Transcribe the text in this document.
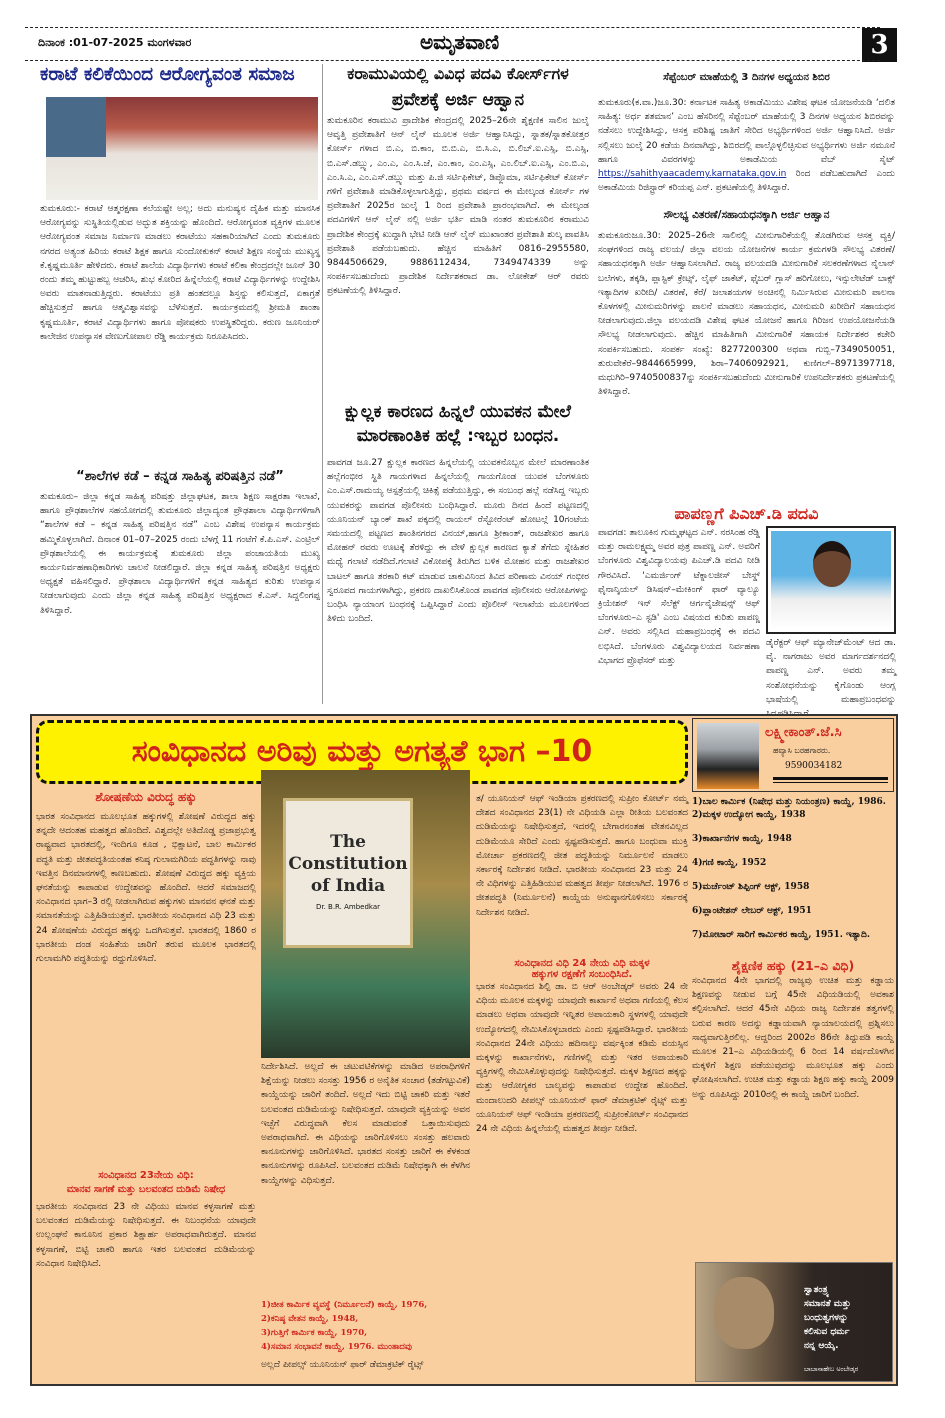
ದಿನಾಂಕ :01-07-2025 ಮಂಗಳವಾರ	ಅಮೃತವಾಣಿ	3
ಕರಾಟೆ ಕಲಿಕೆಯಿಂದ ಆರೋಗ್ಯವಂತ ಸಮಾಜ
ತುಮಕೂರು:- ಕರಾಟೆ ಆತ್ಮರಕ್ಷಣಾ ಕಲೆಯಷ್ಟೇ ಅಲ್ಲ; ಅದು ಮನುಷ್ಯನ ದೈಹಿಕ ಮತ್ತು ಮಾನಸಿಕ ಆರೋಗ್ಯವನ್ನು ಸುಸ್ಥಿತಿಯಲ್ಲಿಡುವ ಅದ್ಭುತ ಶಕ್ತಿಯನ್ನು ಹೊಂದಿದೆ. ಆರೋಗ್ಯವಂತ ವ್ಯಕ್ತಿಗಳ ಮೂಲಕ ಆರೋಗ್ಯವಂತ ಸಮಾಜ ನಿರ್ಮಾಣ ಮಾಡಲು ಕರಾಟೆಯು ಸಹಕಾರಿಯಾಗಿದೆ ಎಂದು ತುಮಕೂರು ನಗರದ ಅತ್ಯಂತ ಹಿರಿಯ ಕರಾಟೆ ಶಿಕ್ಷಕ ಹಾಗೂ ಸುಂದೋಕುಕನ್ ಕರಾಟೆ ಶಿಕ್ಷಣ ಸಂಸ್ಥೆಯ ಮುಖ್ಯಸ್ಥ ಕೆ.ಕೃಷ್ಣಮೂರ್ತಿ ಹೇಳಿದರು. ಕರಾಟೆ ಶಾಲೆಯ ವಿದ್ಯಾರ್ಥಿಗಳು ಕರಾಟೆ ಕಲಿಕಾ ಕೇಂದ್ರದಲ್ಲೇ ಜೂನ್ 30 ರಂದು ತಮ್ಮ ಹುಟ್ಟುಹಬ್ಬ ಆಚರಿಸಿ, ಶುಭ ಕೋರಿದ ಹಿನ್ನೆಲೆಯಲ್ಲಿ ಕರಾಟೆ ವಿದ್ಯಾರ್ಥಿಗಳನ್ನು ಉದ್ದೇಶಿಸಿ ಅವರು ಮಾತನಾಡುತ್ತಿದ್ದರು. ಕರಾಟೆಯು ಪ್ರತಿ ಹಂತದಲ್ಲೂ ಶಿಸ್ತನ್ನು ಕಲಿಸುತ್ತದೆ, ಏಕಾಗ್ರತೆ ಹೆಚ್ಚಿಸುತ್ತದೆ ಹಾಗೂ ಆತ್ಮವಿಶ್ವಾಸವನ್ನು ಬೆಳೆಸುತ್ತದೆ. ಕಾರ್ಯಕ್ರಮದಲ್ಲಿ ಶ್ರೀಮತಿ ಶಾಂತಾ ಕೃಷ್ಣಮೂರ್ತಿ, ಕರಾಟೆ ವಿದ್ಯಾರ್ಥಿಗಳು ಹಾಗೂ ಪೋಷಕರು ಉಪಸ್ಥಿತರಿದ್ದರು. ಕರುಣ ಜೂನಿಯರ್ ಕಾಲೇಜಿನ ಉಪನ್ಯಾಸಕ ವೇಣುಗೋಪಾಲ ರೆಡ್ಡಿ ಕಾರ್ಯಕ್ರಮ ನಿರೂಪಿಸಿದರು.
“ಶಾಲೆಗಳ ಕಡೆ – ಕನ್ನಡ ಸಾಹಿತ್ಯ ಪರಿಷತ್ತಿನ ನಡೆ”
ತುಮಕೂರು– ಜಿಲ್ಲಾ ಕನ್ನಡ ಸಾಹಿತ್ಯ ಪರಿಷತ್ತು ಜಿಲ್ಲಾಘಟಕ, ಶಾಲಾ ಶಿಕ್ಷಣ ಸಾಕ್ಷರತಾ ಇಲಾಖೆ, ಹಾಗೂ ಪ್ರೌಢಶಾಲೆಗಳ ಸಹಯೋಗದಲ್ಲಿ ತುಮಕೂರು ಜಿಲ್ಲಾದ್ಯಂತ ಪ್ರೌಢಶಾಲಾ ವಿದ್ಯಾರ್ಥಿಗಳಿಗಾಗಿ “ಶಾಲೆಗಳ ಕಡೆ – ಕನ್ನಡ ಸಾಹಿತ್ಯ ಪರಿಷತ್ತಿನ ನಡೆ” ಎಂಬ ವಿಶೇಷ ಉಪನ್ಯಾಸ ಕಾರ್ಯಕ್ರಮ ಹಮ್ಮಿಕೊಳ್ಳಲಾಗಿದೆ. ದಿನಾಂಕ 01–07–2025 ರಂದು ಬೆಳಗ್ಗೆ 11 ಗಂಟೆಗೆ ಕೆ.ಪಿ.ಎಸ್. ಎಂಟ್ರಿಲ್ ಪ್ರೌಢಶಾಲೆಯಲ್ಲಿ ಈ ಕಾರ್ಯಕ್ರಮಕ್ಕೆ ತುಮಕೂರು ಜಿಲ್ಲಾ ಪಂಚಾಯತಿಯ ಮುಖ್ಯ ಕಾರ್ಯನಿರ್ವಹಣಾಧಿಕಾರಿಗಳು ಚಾಲನೆ ನೀಡಲಿದ್ದಾರೆ. ಜಿಲ್ಲಾ ಕನ್ನಡ ಸಾಹಿತ್ಯ ಪರಿಷತ್ತಿನ ಅಧ್ಯಕ್ಷರು ಅಧ್ಯಕ್ಷತೆ ವಹಿಸಲಿದ್ದಾರೆ. ಪ್ರೌಢಶಾಲಾ ವಿದ್ಯಾರ್ಥಿಗಳಿಗೆ ಕನ್ನಡ ಸಾಹಿತ್ಯದ ಕುರಿತು ಉಪನ್ಯಾಸ ನೀಡಲಾಗುವುದು ಎಂದು ಜಿಲ್ಲಾ ಕನ್ನಡ ಸಾಹಿತ್ಯ ಪರಿಷತ್ತಿನ ಅಧ್ಯಕ್ಷರಾದ ಕೆ.ಎಸ್. ಸಿದ್ದಲಿಂಗಪ್ಪ ತಿಳಿಸಿದ್ದಾರೆ.
ಕರಾಮುವಿಯಲ್ಲಿ ವಿವಿಧ ಪದವಿ ಕೋರ್ಸ್‌ಗಳ
ಪ್ರವೇಶಕ್ಕೆ ಅರ್ಜಿ ಆಹ್ವಾನ
ತುಮಕೂರಿನ ಕರಾಮುವಿ ಪ್ರಾದೇಶಿಕ ಕೇಂದ್ರದಲ್ಲಿ 2025–26ನೇ ಶೈಕ್ಷಣಿಕ ಸಾಲಿನ ಜುಲೈ ಆವೃತ್ತಿ ಪ್ರವೇಶಾತಿಗೆ ಆನ್ ಲೈನ್ ಮೂಲಕ ಅರ್ಜಿ ಆಹ್ವಾನಿಸಿದ್ದು, ಸ್ನಾತಕ/ಸ್ನಾತಕೋತ್ತರ ಕೋರ್ಸ್ ಗಳಾದ ಬಿ.ಎ, ಬಿ.ಕಾಂ, ಬಿ.ಬಿ.ಎ, ಬಿ.ಸಿ.ಎ, ಬಿ.ಲಿಬ್.ಐ.ಎಸ್ಸಿ, ಬಿ.ಎಸ್ಸಿ, ಬಿ.ಎಸ್.ಡಬ್ಲ್ಯು, ಎಂ.ಎ, ಎಂ.ಸಿ.ಜೆ, ಎಂ.ಕಾಂ, ಎಂ.ಎಸ್ಸಿ, ಎಂ.ಲಿಬ್.ಐ.ಎಸ್ಸಿ, ಎಂ.ಬಿ.ಎ, ಎಂ.ಸಿ.ಎ, ಎಂ.ಎಸ್.ಡಬ್ಲ್ಯು ಮತ್ತು ಪಿ.ಜಿ ಸರ್ಟಿಫಿಕೇಟ್, ಡಿಪ್ಲೊಮಾ, ಸರ್ಟಿಫಿಕೇಟ್ ಕೋರ್ಸ್ ಗಳಿಗೆ ಪ್ರವೇಶಾತಿ ಮಾಡಿಕೊಳ್ಳಲಾಗುತ್ತಿದ್ದು, ಪ್ರಥಮ ವರ್ಷದ ಈ ಮೇಲ್ಕಂಡ ಕೋರ್ಸ್ ಗಳ ಪ್ರವೇಶಾತಿಗೆ 2025ರ ಜುಲೈ 1 ರಿಂದ ಪ್ರವೇಶಾತಿ ಪ್ರಾರಂಭವಾಗಿದೆ. ಈ ಮೇಲ್ಕಂಡ ಪದವಿಗಳಿಗೆ ಆನ್ ಲೈನ್ ನಲ್ಲಿ ಅರ್ಜಿ ಭರ್ತಿ ಮಾಡಿ ನಂತರ ತುಮಕೂರಿನ ಕರಾಮುವಿ ಪ್ರಾದೇಶಿಕ ಕೇಂದ್ರಕ್ಕೆ ಖುದ್ದಾಗಿ ಭೇಟಿ ನೀಡಿ ಆನ್ ಲೈನ್ ಮುಖಾಂತರ ಪ್ರವೇಶಾತಿ ಶುಲ್ಕ ಪಾವತಿಸಿ ಪ್ರವೇಶಾತಿ ಪಡೆಯಬಹುದು. ಹೆಚ್ಚಿನ ಮಾಹಿತಿಗೆ 0816–2955580, 9844506629, 9886112434, 7349474339 ಅನ್ನು ಸಂಪರ್ಕಿಸಬಹುದೆಂದು ಪ್ರಾದೇಶಿಕ ನಿರ್ದೇಶಕರಾದ ಡಾ. ಲೋಕೇಶ್ ಆರ್ ರವರು ಪ್ರಕಟಣೆಯಲ್ಲಿ ತಿಳಿಸಿದ್ದಾರೆ.
ಕ್ಷುಲ್ಲಕ ಕಾರಣದ ಹಿನ್ನಲೆ ಯುವಕನ ಮೇಲೆ
ಮಾರಣಾಂತಿಕ ಹಲ್ಲೆ :ಇಬ್ಬರ ಬಂಧನ.
ಪಾವಗಡ ಜೂ.27 ಕ್ಷುಲ್ಲಕ ಕಾರಣದ ಹಿನ್ನಲೆಯಲ್ಲಿ ಯುವಕನೊಬ್ಬನ ಮೇಲೆ ಮಾರಣಾಂತಿಕ ಹಲ್ಲೆಗಂಭೀರ ಸ್ಥಿತಿ ಗಾಯಗಳಾದ ಹಿನ್ನಲೆಯಲ್ಲಿ ಗಾಯಗೊಂಡ ಯುವಕ ಬೆಂಗಳೂರು ಎಂ.ಎಸ್.ರಾಮಯ್ಯ ಆಸ್ಪತ್ರೆಯಲ್ಲಿ ಚಿಕಿತ್ಸೆ ಪಡೆಯುತ್ತಿದ್ದು, ಈ ಸಂಬಂಧ ಹಲ್ಲೆ ನಡೆಸಿದ್ದ ಇಬ್ಬರು ಯುವಕರನ್ನು ಪಾವಗಡ ಪೊಲೀಸರು ಬಂಧಿಸಿದ್ದಾರೆ. ಮೂರು ದಿನದ ಹಿಂದೆ ಪಟ್ಟಣದಲ್ಲಿ ಯೂನಿಯನ್ ಬ್ಯಾಂಕ್ ಶಾಖೆ ಪಕ್ಕದಲ್ಲಿ ರಾಯಲ್ ರೆಸ್ಟೋರೆಂಟ್ ಹೋಟಲ್ಗೆ 10ಗಂಟೆಯ ಸಮಯದಲ್ಲಿ ಪಟ್ಟಣದ ಶಾಂತಿನಗರದ ವಿನಯ್,ಹಾಗೂ ಶ್ರೀಕಾಂತ್, ರಾಜಶೇಖರ ಹಾಗೂ ಮೋಹನ್ ರವರು ಊಟಕ್ಕೆ ತೆರಳಿದ್ದು ಈ ವೇಳೆ ಕ್ಷುಲ್ಲಕ ಕಾರಣದ ಕ್ಯಾತೆ ತೆಗೆದು ಸ್ನೇಹಿತರ ಮಧ್ಯೆ ಗಲಾಟೆ ನಡೆದಿದೆ.ಗಲಾಟೆ ವಿಕೋಪಕ್ಕೆ ತಿರುಗಿದ ಬಳಿಕ ಮೋಹನ ಮತ್ತು ರಾಜಶೇಖರ ಬಾಟಲ್ ಹಾಗೂ ತರಕಾರಿ ಕಟ್ ಮಾಡುವ ಚಾಕುವಿನಿಂದ ತಿವಿದ ಪರಿಣಾಮ ವಿನಯ್ ಗಂಭೀರ ಸ್ವರೂಪದ ಗಾಯಗಳಾಗಿದ್ದು, ಪ್ರಕರಣ ದಾಖಲಿಸಿಕೊಂಡ ಪಾವಗಡ ಪೊಲೀಸರು ಆರೋಪಿಗಳನ್ನು ಬಂಧಿಸಿ ನ್ಯಾಯಾಂಗ ಬಂಧನಕ್ಕೆ ಒಪ್ಪಿಸಿದ್ದಾರೆ ಎಂದು ಪೊಲೀಸ್ ಇಲಾಖೆಯ ಮೂಲಗಳಿಂದ ತಿಳಿದು ಬಂದಿದೆ.
ಸೆಪ್ಟೆಂಬರ್ ಮಾಹೆಯಲ್ಲಿ 3 ದಿನಗಳ ಅಧ್ಯಯನ ಶಿಬಿರ
ತುಮಕೂರು(ಕ.ವಾ.)ಜೂ.30: ಕರ್ನಾಟಕ ಸಾಹಿತ್ಯ ಅಕಾಡೆಮಿಯು ವಿಶೇಷ ಘಟಕ ಯೋಜನೆಯಡಿ ‘ದಲಿತ ಸಾಹಿತ್ಯ: ಅರ್ಧ ಶತಮಾನ’ ಎಂಬ ಹೆಸರಿನಲ್ಲಿ ಸೆಪ್ಟೆಂಬರ್ ಮಾಹೆಯಲ್ಲಿ 3 ದಿನಗಳ ಅಧ್ಯಯನ ಶಿಬಿರವನ್ನು ನಡೆಸಲು ಉದ್ದೇಶಿಸಿದ್ದು, ಆಸಕ್ತ ಪರಿಶಿಷ್ಟ ಜಾತಿಗೆ ಸೇರಿದ ಅಭ್ಯರ್ಥಿಗಳಿಂದ ಅರ್ಜಿ ಆಹ್ವಾನಿಸಿದೆ. ಅರ್ಜಿ ಸಲ್ಲಿಸಲು ಜುಲೈ 20 ಕಡೆಯ ದಿನವಾಗಿದ್ದು, ಶಿಬಿರದಲ್ಲಿ ಪಾಲ್ಗೊಳ್ಳಲಿಚ್ಛಿಸುವ ಅಭ್ಯರ್ಥಿಗಳು ಅರ್ಜಿ ನಮೂನೆ ಹಾಗೂ ವಿವರಗಳನ್ನು ಅಕಾಡೆಮಿಯ ವೆಬ್ ಸೈಟ್ https://sahithyaacademy.karnataka.gov.in ರಿಂದ ಪಡೆಬಹುದಾಗಿದೆ ಎಂದು ಅಕಾಡೆಮಿಯ ರಿಜಿಸ್ಟ್ರಾರ್ ಕರಿಯಪ್ಪ ಎನ್. ಪ್ರಕಟಣೆಯಲ್ಲಿ ತಿಳಿಸಿದ್ದಾರೆ.
ಸೌಲಭ್ಯ ವಿತರಣೆ/ಸಹಾಯಧನಕ್ಕಾಗಿ ಅರ್ಜಿ ಆಹ್ವಾನ
ತುಮಕೂರುಜೂ.30: 2025–26ನೇ ಸಾಲಿನಲ್ಲಿ ಮೀನುಗಾರಿಕೆಯಲ್ಲಿ ತೊಡಗಿರುವ ಆಸಕ್ತ ವ್ಯಕ್ತಿ/ಸಂಘಗಳಿಂದ ರಾಜ್ಯ ವಲಯ/ ಜಿಲ್ಲಾ ವಲಯ ಯೋಜನೆಗಳ ಕಾರ್ಯ ಕ್ರಮಗಳಡಿ ಸೌಲಭ್ಯ ವಿತರಣೆ/ಸಹಾಯಧನಕ್ಕಾಗಿ ಅರ್ಜಿ ಆಹ್ವಾನಿಸಲಾಗಿದೆ. ರಾಜ್ಯ ವಲಯದಡಿ ಮೀನುಗಾರಿಕೆ ಸಲಕರಣೆಗಳಾದ ನೈಲಾನ್ ಬಲೆಗಳು, ತಕ್ಕಡಿ, ಪ್ಲಾಸ್ಟಿಕ್ ಕ್ರೇಟ್ಸ್, ಲೈಫ್ ಜಾಕೆಟ್, ಫೈಬರ್ ಗ್ಲಾಸ್ ಹರಿಗೋಲು, ಇನ್ಸುಲೇಟೆಡ್ ಬಾಕ್ಸ್ ಇತ್ಯಾದಿಗಳ ಖರೀದಿ/ ವಿತರಣೆ, ಕೆರೆ/ ಜಲಾಶಯಗಳ ಅಂಚಿನಲ್ಲಿ ನಿರ್ಮಿಸಿರುವ ಮೀನುಮರಿ ಪಾಲನಾ ಕೊಳಗಳಲ್ಲಿ ಮೀನುಮರಿಗಳನ್ನು ಪಾಲನೆ ಮಾಡಲು ಸಹಾಯಧನ, ಮೀನುಮರಿ ಖರೀದಿಗೆ ಸಹಾಯಧನ ನೀಡಲಾಗುವುದು.ಜಿಲ್ಲಾ ವಲಯದಡಿ ವಿಶೇಷ ಘಟಕ ಯೋಜನೆ ಹಾಗೂ ಗಿರಿಜನ ಉಪಯೋಜನೆಯಡಿ ಸೌಲಭ್ಯ ನೀಡಲಾಗುವುದು. ಹೆಚ್ಚಿನ ಮಾಹಿತಿಗಾಗಿ ಮೀನುಗಾರಿಕೆ ಸಹಾಯಕ ನಿರ್ದೇಶಕರ ಕಚೇರಿ ಸಂಪರ್ಕಿಸಬಹುದು. ಸಂಪರ್ಕ ಸಂಖ್ಯೆ: 8277200300 ಅಥವಾ ಗುಬ್ಬಿ–7349050051, ತುರುವೇಕೆರೆ–9844665999, ಶಿರಾ–7406092921, ಕುಣಿಗಲ್–8971397718, ಮಧುಗಿರಿ–9740500837ನ್ನು ಸಂಪರ್ಕಿಸಬಹುದೆಂದು ಮೀನುಗಾರಿಕೆ ಉಪನಿರ್ದೇಶಕರು ಪ್ರಕಟಣೆಯಲ್ಲಿ ತಿಳಿಸಿದ್ದಾರೆ.
ಪಾಪಣ್ಣಗೆ ಪಿಎಚ್.ಡಿ ಪದವಿ
ಪಾವಗಡ: ತಾಲೂಕಿನ ಗುಮ್ಮಘಟ್ಟದ ಎನ್. ನರಸಿಂಹ ರೆಡ್ಡಿ ಮತ್ತು ರಾಮಲಕ್ಷ್ಮಮ್ಮ ಅವರ ಪುತ್ರ ಪಾಪಣ್ಣ ಎನ್. ಅವರಿಗೆ ಬೆಂಗಳೂರು ವಿಶ್ವವಿದ್ಯಾಲಯವು ಪಿಎಚ್.ಡಿ ಪದವಿ ನೀಡಿ ಗೌರವಿಸಿದೆ. 'ಎಮರ್ಜಿಂಗ್ ಟೆಕ್ನಾಲಜೀಸ್ ಬೇಸ್ಡ್ ಫೈನಾನ್ಶಿಯಲ್ ಡಿಸಿಷನ್–ಮೇಕಿಂಗ್ ಫಾರ್ ವ್ಯಾಲ್ಯೂ ಕ್ರಿಯೇಶನ್ ಇನ್ ಸೆಲೆಕ್ಟ್ ಆರ್ಗನೈಜೇಷನ್ಸ್ ಆಫ್ ಬೆಂಗಳೂರು–ಎ ಸ್ಟಡಿ' ಎಂಬ ವಿಷಯದ ಕುರಿತು ಪಾಪಣ್ಣ ಎನ್. ಅವರು ಸಲ್ಲಿಸಿದ ಮಹಾಪ್ರಬಂಧಕ್ಕೆ ಈ ಪದವಿ ಲಭಿಸಿದೆ. ಬೆಂಗಳೂರು ವಿಶ್ವವಿದ್ಯಾಲಯದ ನಿರ್ವಹಣಾ ವಿಭಾಗದ ಪ್ರೊಫೆಸರ್ ಮತ್ತು
ಡೈರೆಕ್ಟರ್ ಆಫ್ ಮ್ಯಾನೇಜ್‌ಮೆಂಟ್ ಆದ ಡಾ. ವೈ. ನಾಗರಾಜು ಅವರ ಮಾರ್ಗದರ್ಶನದಲ್ಲಿ ಪಾಪಣ್ಣ ಎನ್. ಅವರು ತಮ್ಮ ಸಂಶೋಧನೆಯನ್ನು ಕೈಗೊಂಡು ಆಂಗ್ಲ ಭಾಷೆಯಲ್ಲಿ ಮಹಾಪ್ರಬಂಧವನ್ನು
ಸಂವಿಧಾನದ ಅರಿವು ಮತ್ತು ಅಗತ್ಯತೆ ಭಾಗ –10
ಲಕ್ಷ್ಮೀಕಾಂತ್.ಜೆ.ಸಿ
ಹವ್ಯಾಸಿ ಬರಹಗಾರರು.
9590034182
ಶೋಷಣೆಯ ವಿರುದ್ಧ ಹಕ್ಕು
ಭಾರತ ಸಂವಿಧಾನದ ಮೂಲಭೂತ ಹಕ್ಕುಗಳಲ್ಲಿ ಶೋಷಣೆ ವಿರುದ್ಧದ ಹಕ್ಕು ತನ್ನದೇ ಆದಂತಹ ಮಹತ್ವದ ಹೊಂದಿದೆ. ವಿಶ್ವದಲ್ಲೇ ಅತಿದೊಡ್ಡ ಪ್ರಜಾಪ್ರಭುತ್ವ ರಾಷ್ಟ್ರವಾದ ಭಾರತದಲ್ಲಿ, ಇಂದಿಗೂ ಕೂಡ , ಭಿಕ್ಷಾಟನೆ, ಬಾಲ ಕಾರ್ಮಿಕರ ಪದ್ಧತಿ ಮತ್ತು ಜೀತಪದ್ಧತಿಯಂತಹ ಕನಿಷ್ಠ ಗುಲಾಮಗಿರಿಯ ಪದ್ಧತಿಗಳನ್ನು ನಾವು ಇವತ್ತಿನ ದಿನಮಾನಗಳಲ್ಲಿ ಕಾಣಬಹುದು. ಶೋಷಣೆ ವಿರುದ್ಧದ ಹಕ್ಕು ವ್ಯಕ್ತಿಯ ಘನತೆಯನ್ನು ಕಾಪಾಡುವ ಉದ್ದೇಶವನ್ನು ಹೊಂದಿದೆ. ಆದರೆ ಸಮಾಜದಲ್ಲಿ ಸಂವಿಧಾನದ ಭಾಗ–3 ರಲ್ಲಿ ನೀಡಲಾಗಿರುವ ಹಕ್ಕುಗಳು ಮಾನವನ ಘನತೆ ಮತ್ತು ಸಮಾನತೆಯನ್ನು ಎತ್ತಿಹಿಡಿಯುತ್ತವೆ. ಭಾರತೀಯ ಸಂವಿಧಾನದ ವಿಧಿ 23 ಮತ್ತು 24 ಶೋಷಣೆಯ ವಿರುದ್ಧದ ಹಕ್ಕನ್ನು ಒದಗಿಸುತ್ತವೆ. ಭಾರತದಲ್ಲಿ 1860 ರ ಭಾರತೀಯ ದಂಡ ಸಂಹಿತೆಯ ಜಾರಿಗೆ ತರುವ ಮೂಲಕ ಭಾರತದಲ್ಲಿ ಗುಲಾಮಗಿರಿ ಪದ್ಧತಿಯನ್ನು ರದ್ದುಗೊಳಿಸಿದೆ.
ಸಂವಿಧಾನದ 23ನೇಯ ವಿಧಿ:
ಮಾನವ ಸಾಗಣೆ ಮತ್ತು ಬಲವಂತದ ದುಡಿಮೆ ನಿಷೇಧ
ಭಾರತೀಯ ಸಂವಿಧಾನದ 23 ನೇ ವಿಧಿಯು ಮಾನವ ಕಳ್ಳಸಾಗಣೆ ಮತ್ತು ಬಲವಂತದ ದುಡಿಮೆಯನ್ನು ನಿಷೇಧಿಸುತ್ತದೆ. ಈ ನಿಬಂಧನೆಯ ಯಾವುದೇ ಉಲ್ಲಂಘನೆ ಕಾನೂನಿನ ಪ್ರಕಾರ ಶಿಕ್ಷಾರ್ಹ ಅಪರಾಧವಾಗಿರುತ್ತದೆ. ಮಾನವ ಕಳ್ಳಸಾಗಣೆ, ಬಿಟ್ಟಿ ಚಾಕರಿ ಹಾಗೂ ಇತರ ಬಲವಂತದ ದುಡಿಮೆಯನ್ನು ಸಂವಿಧಾನ ನಿಷೇಧಿಸಿದೆ.
The Constitution of India
Dr. B.R. Ambedkar
ನಿರ್ದೇಶಿಸಿದೆ. ಅಲ್ಲದೆ ಈ ಚಟುವಟಿಕೆಗಳನ್ನು ಮಾಡಿದ ಅಪರಾಧಿಗಳಿಗೆ ಶಿಕ್ಷೆಯನ್ನು ನೀಡಲು ಸಂಸತ್ತು 1956 ರ ಅನೈತಿಕ ಸಂಚಾರ (ತಡೆಗಟ್ಟುವಿಕೆ) ಕಾಯ್ದೆಯನ್ನು ಜಾರಿಗೆ ತಂದಿದೆ. ಅಲ್ಲದೆ ಇದು ಬಿಟ್ಟಿ ಚಾಕರಿ ಮತ್ತು ಇತರೆ ಬಲವಂತದ ದುಡಿಮೆಯನ್ನು ನಿಷೇಧಿಸುತ್ತದೆ. ಯಾವುದೇ ವ್ಯಕ್ತಿಯನ್ನು ಅವನ ಇಚ್ಛೆಗೆ ವಿರುದ್ಧವಾಗಿ ಕೆಲಸ ಮಾಡುವಂತೆ ಒತ್ತಾಯಿಸುವುದು ಅಪರಾಧವಾಗಿದೆ. ಈ ವಿಧಿಯನ್ನು ಜಾರಿಗೊಳಿಸಲು ಸಂಸತ್ತು ಹಲವಾರು ಕಾನೂನುಗಳನ್ನು ಜಾರಿಗೊಳಿಸಿದೆ. ಭಾರತದ ಸಂಸತ್ತು ಜಾರಿಗೆ ಈ ಕೆಳಕಂಡ ಕಾನೂನುಗಳನ್ನು ರೂಪಿಸಿದೆ. ಬಲವಂತದ ದುಡಿಮೆ ನಿಷೇಧಕ್ಕಾಗಿ ಈ ಕೆಳಗಿನ ಕಾಯ್ದೆಗಳನ್ನು ವಿಧಿಸುತ್ತದೆ.
1)ಜೀತ ಕಾರ್ಮಿಕ ವ್ಯವಸ್ಥೆ (ನಿರ್ಮೂಲನೆ) ಕಾಯ್ದೆ, 1976,
2)ಕನಿಷ್ಠ ವೇತನ ಕಾಯ್ದೆ, 1948,
3)ಗುತ್ತಿಗೆ ಕಾರ್ಮಿಕ ಕಾಯ್ದೆ, 1970,
4)ಸಮಾನ ಸಂಭಾವನೆ ಕಾಯ್ದೆ, 1976. ಮುಂತಾದವು
ಅಲ್ಲದೆ ಪೀಪಲ್ಸ್ ಯೂನಿಯನ್ ಫಾರ್ ಡೆಮಾಕ್ರಟಿಕ್ ರೈಟ್ಸ್
ತ/ ಯೂನಿಯನ್ ಆಫ್ ಇಂಡಿಯಾ ಪ್ರಕರಣದಲ್ಲಿ ಸುಪ್ರೀಂ ಕೋರ್ಟ್ ನಮ್ಮ ದೇಶದ ಸಂವಿಧಾನದ 23(1) ನೇ ವಿಧಿಯಡಿ ಎಲ್ಲಾ ರೀತಿಯ ಬಲವಂತದ ದುಡಿಮೆಯನ್ನು ನಿಷೇಧಿಸುತ್ತದೆ, ಇದರಲ್ಲಿ ಬೇಗಾರನಂತಹ ವೇತನವಿಲ್ಲದ ದುಡಿಮೆಯೂ ಸೇರಿದೆ ಎಂದು ಸ್ಪಷ್ಟಪಡಿಸುತ್ತದೆ. ಹಾಗೂ ಬಂಧುವಾ ಮುಕ್ತಿ ಮೋರ್ಚಾ ಪ್ರಕರಣದಲ್ಲಿ ಜೀತ ಪದ್ಧತಿಯನ್ನು ನಿರ್ಮೂಲನೆ ಮಾಡಲು ಸರ್ಕಾರಕ್ಕೆ ನಿರ್ದೇಶನ ನೀಡಿದೆ. ಭಾರತೀಯ ಸಂವಿಧಾನದ 23 ಮತ್ತು 24 ನೇ ವಿಧಿಗಳನ್ನು ಎತ್ತಿಹಿಡಿಯುವ ಮಹತ್ವದ ತೀರ್ಪು ನೀಡಲಾಗಿದೆ. 1976 ರ ಜೀತಪದ್ಧತಿ (ನಿರ್ಮೂಲನೆ) ಕಾಯ್ದೆಯ ಅನುಷ್ಠಾನಗೊಳಿಸಲು ಸರ್ಕಾರಕ್ಕೆ ನಿರ್ದೇಶನ ನೀಡಿದೆ.
ಸಂವಿಧಾನದ ವಿಧಿ 24 ನೇಯ ವಿಧಿ ಮಕ್ಕಳ
ಹಕ್ಕುಗಳ ರಕ್ಷಣೆಗೆ ಸಂಬಂಧಿಸಿದೆ.
ಭಾರತ ಸಂವಿಧಾನದ ಶಿಲ್ಪಿ ಡಾ. ಬಿ ಆರ್ ಅಂಬೇಡ್ಕರ್ ಅವರು 24 ನೇ ವಿಧಿಯ ಮೂಲಕ ಮಕ್ಕಳನ್ನು ಯಾವುದೇ ಕಾರ್ಖಾನೆ ಅಥವಾ ಗಣಿಯಲ್ಲಿ ಕೆಲಸ ಮಾಡಲು ಅಥವಾ ಯಾವುದೇ ಇನ್ನಿತರ ಅಪಾಯಕಾರಿ ಸ್ಥಳಗಳಲ್ಲಿ ಯಾವುದೇ ಉದ್ಯೋಗದಲ್ಲಿ ನೇಮಿಸಿಕೊಳ್ಳಬಾರದು ಎಂದು ಸ್ಪಷ್ಟಪಡಿಸಿದ್ದಾರೆ. ಭಾರತೀಯ ಸಂವಿಧಾನದ 24ನೇ ವಿಧಿಯು ಹದಿನಾಲ್ಕು ವರ್ಷಕ್ಕಿಂತ ಕಡಿಮೆ ವಯಸ್ಸಿನ ಮಕ್ಕಳನ್ನು ಕಾರ್ಖಾನೆಗಳು, ಗಣಿಗಳಲ್ಲಿ ಮತ್ತು ಇತರ ಅಪಾಯಕಾರಿ ವ್ಯಕ್ತಿಗಳಲ್ಲಿ ನೇಮಿಸಿಕೊಳ್ಳುವುದನ್ನು ನಿಷೇಧಿಸುತ್ತದೆ. ಮಕ್ಕಳ ಶಿಕ್ಷಣದ ಹಕ್ಕನ್ನು ಮತ್ತು ಆರೋಗ್ಯಕರ ಬಾಲ್ಯವನ್ನು ಕಾಪಾಡುವ ಉದ್ದೇಶ ಹೊಂದಿದೆ. ಮಂದಾಲುದರಿ ಪೀಪಲ್ಸ್ ಯೂನಿಯನ್ ಫಾರ್ ಡೆಮಾಕ್ರಟಿಕ್ ರೈಟ್ಸ್ ಮತ್ತು ಯೂನಿಯನ್ ಆಫ್ ಇಂಡಿಯಾ ಪ್ರಕರಣದಲ್ಲಿ ಸುಪ್ರೀಂಕೋರ್ಟ್ ಸಂವಿಧಾನದ 24 ನೇ ವಿಧಿಯ ಹಿನ್ನಲೆಯಲ್ಲಿ ಮಹತ್ವದ ತೀರ್ಪು ನೀಡಿದೆ.
1)ಬಾಲ ಕಾರ್ಮಿಕ (ನಿಷೇಧ ಮತ್ತು ನಿಯಂತ್ರಣ) ಕಾಯ್ದೆ, 1986.
2)ಮಕ್ಕಳ ಉದ್ಯೋಗ ಕಾಯ್ದೆ, 1938
3)ಕಾರ್ಖಾನೆಗಳ ಕಾಯ್ದೆ, 1948
4)ಗಣಿ ಕಾಯ್ದೆ, 1952
5)ಮರ್ಚೆಂಟ್ ಶಿಪ್ಪಿಂಗ್ ಆಕ್ಟ್, 1958
6)ಪ್ಲಾಂಟೇಶನ್ ಲೇಬರ್ ಆಕ್ಟ್, 1951
7)ಮೋಟಾರ್ ಸಾರಿಗೆ ಕಾರ್ಮಿಕರ ಕಾಯ್ದೆ, 1951. ಇತ್ಯಾದಿ.
ಶೈಕ್ಷಣಿಕ ಹಕ್ಕು (21–ಎ ವಿಧಿ)
ಸಂವಿಧಾನದ 4ನೇ ಭಾಗದಲ್ಲಿ ರಾಜ್ಯವು ಉಚಿತ ಮತ್ತು ಕಡ್ಡಾಯ ಶಿಕ್ಷಣವನ್ನು ನೀಡುವ ಬಗ್ಗೆ 45ನೇ ವಿಧಿಯಡಿಯಲ್ಲಿ ಅವಕಾಶ ಕಲ್ಪಿಸಲಾಗಿದೆ. ಆದರೆ 45ನೇ ವಿಧಿಯ ರಾಜ್ಯ ನಿರ್ದೇಶಕ ತತ್ವಗಳಲ್ಲಿ ಬರುವ ಕಾರಣ ಅದನ್ನು ಕಡ್ಡಾಯವಾಗಿ ನ್ಯಾಯಾಲಯದಲ್ಲಿ ಪ್ರಶ್ನಿಸಲು ಸಾಧ್ಯವಾಗುತ್ತಿರಲಿಲ್ಲ. ಆದ್ದರಿಂದ 2002ರ 86ನೇ ತಿದ್ದುಪಡಿ ಕಾಯ್ದೆ ಮೂಲಕ 21–ಎ ವಿಧಿಯಡಿಯಲ್ಲಿ 6 ರಿಂದ 14 ವರ್ಷದೊಳಗಿನ ಮಕ್ಕಳಿಗೆ ಶಿಕ್ಷಣ ಪಡೆಯುವುದನ್ನು ಮೂಲಭೂತ ಹಕ್ಕು ಎಂದು ಘೋಷಿಸಲಾಗಿದೆ. ಉಚಿತ ಮತ್ತು ಕಡ್ಡಾಯ ಶಿಕ್ಷಣ ಹಕ್ಕು ಕಾಯ್ದೆ 2009 ಅನ್ನು ರೂಪಿಸಿದ್ದು 2010ರಲ್ಲಿ ಈ ಕಾಯ್ದೆ ಜಾರಿಗೆ ಬಂದಿದೆ.
ಸ್ವಾತಂತ್ರ್ಯ
ಸಮಾನತೆ ಮತ್ತು
ಬಂಧುತ್ವಗಳನ್ನು
ಕಲಿಸುವ ಧರ್ಮ
ನನ್ನ ಆಯ್ಕೆ.
ಬಾಬಾಸಾಹೇಬ ಅಂಬೇಡ್ಕರ
